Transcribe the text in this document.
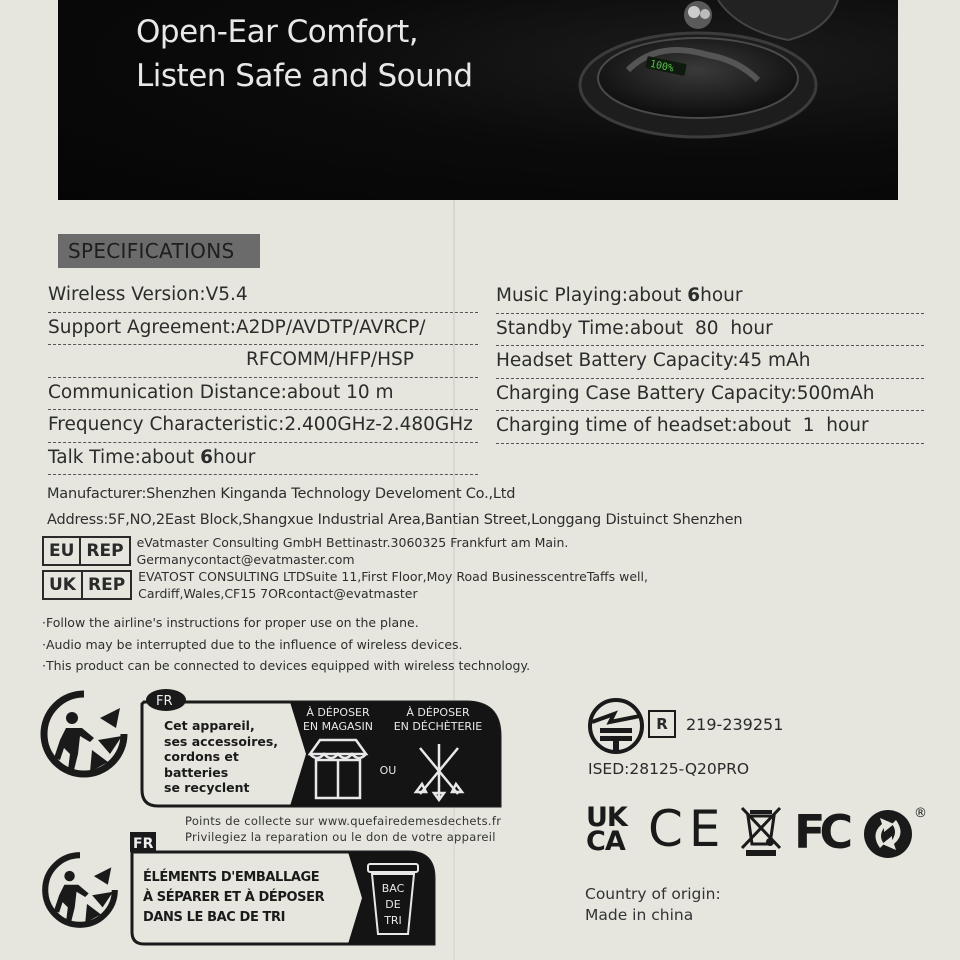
Open-Ear Comfort,
Listen Safe and Sound	100%
SPECIFICATIONS
Wireless Version:V5.4
Support Agreement:A2DP/AVDTP/AVRCP/
RFCOMM/HFP/HSP
Communication Distance:about 10 m
Frequency Characteristic:2.400GHz-2.480GHz
Talk Time:about 6hour
Music Playing:about 6hour
Standby Time:about  80  hour
Headset Battery Capacity:45 mAh
Charging Case Battery Capacity:500mAh
Charging time of headset:about  1  hour
Manufacturer:Shenzhen Kinganda Technology Develoment Co.,Ltd
Address:5F,NO,2East Block,Shangxue Industrial Area,Bantian Street,Longgang Distuinct Shenzhen
EU REP	eVatmaster Consulting GmbH Bettinastr.3060325 Frankfurt am Main.
Germanycontact@evatmaster.com
UK REP	EVATOST CONSULTING LTDSuite 11,First Floor,Moy Road BusinesscentreTaffs well,
Cardiff,Wales,CF15 7ORcontact@evatmaster
·Follow the airline's instructions for proper use on the plane.
·Audio may be interrupted due to the influence of wireless devices.
·This product can be connected to devices equipped with wireless technology.
FR
À DÉPOSER
EN MAGASIN
À DÉPOSER
EN DÉCHÈTERIE
OU
Cet appareil,
ses accessoires,
cordons et
batteries
se recyclent
Points de collecte sur www.quefairedemesdechets.fr
Privilegiez la reparation ou le don de votre appareil
FR
BAC
DE
TRI
ÉLÉMENTS D'EMBALLAGE
À SÉPARER ET À DÉPOSER
DANS LE BAC DE TRI
R	219-239251
ISED:28125-Q20PRO
UK
CA CE FC	®
Country of origin:
Made in china
